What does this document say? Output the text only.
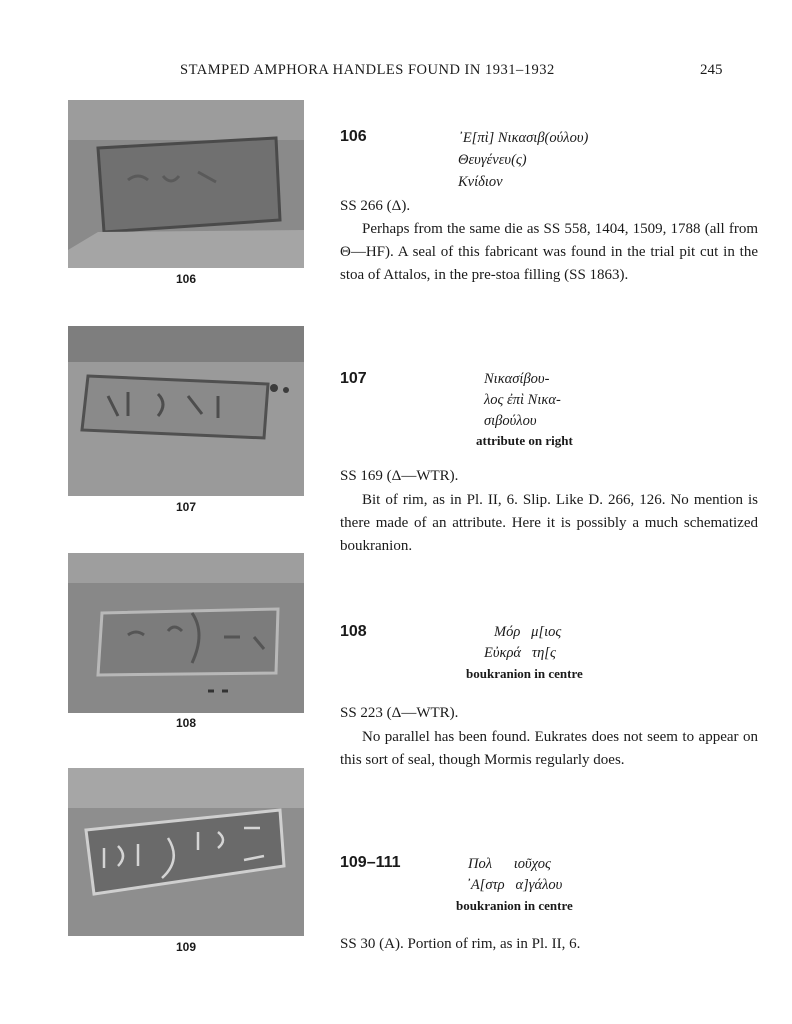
STAMPED AMPHORA HANDLES FOUND IN 1931–1932	245
106
107
108
109
106	᾿Ε[πὶ] Νικασιβ(ούλου)
Θευγένευ(ς)
Κνίδιον
SS 266 (Δ).

Perhaps from the same die as SS 558, 1404, 1509, 1788 (all from Θ—HF). A seal of this fabricant was found in the trial pit cut in the stoa of Attalos, in the pre-stoa filling (SS 1863).

107	Νικασίβου-
λος ἐπὶ Νικα-
σιβούλου
attribute on right
SS 169 (Δ—WTR).

Bit of rim, as in Pl. II, 6. Slip. Like D. 266, 126. No mention is there made of an attribute. Here it is possibly a much schematized boukranion.

108	Μόρ   μ[ιος
Εὐκρά   τη[ς
boukranion in centre
SS 223 (Δ—WTR).

No parallel has been found. Eukrates does not seem to appear on this sort of seal, though Mormis regularly does.

109–111	Πολ      ιοῦχος
᾿Α[στρ   α]γάλου
boukranion in centre
SS 30 (A). Portion of rim, as in Pl. II, 6.
